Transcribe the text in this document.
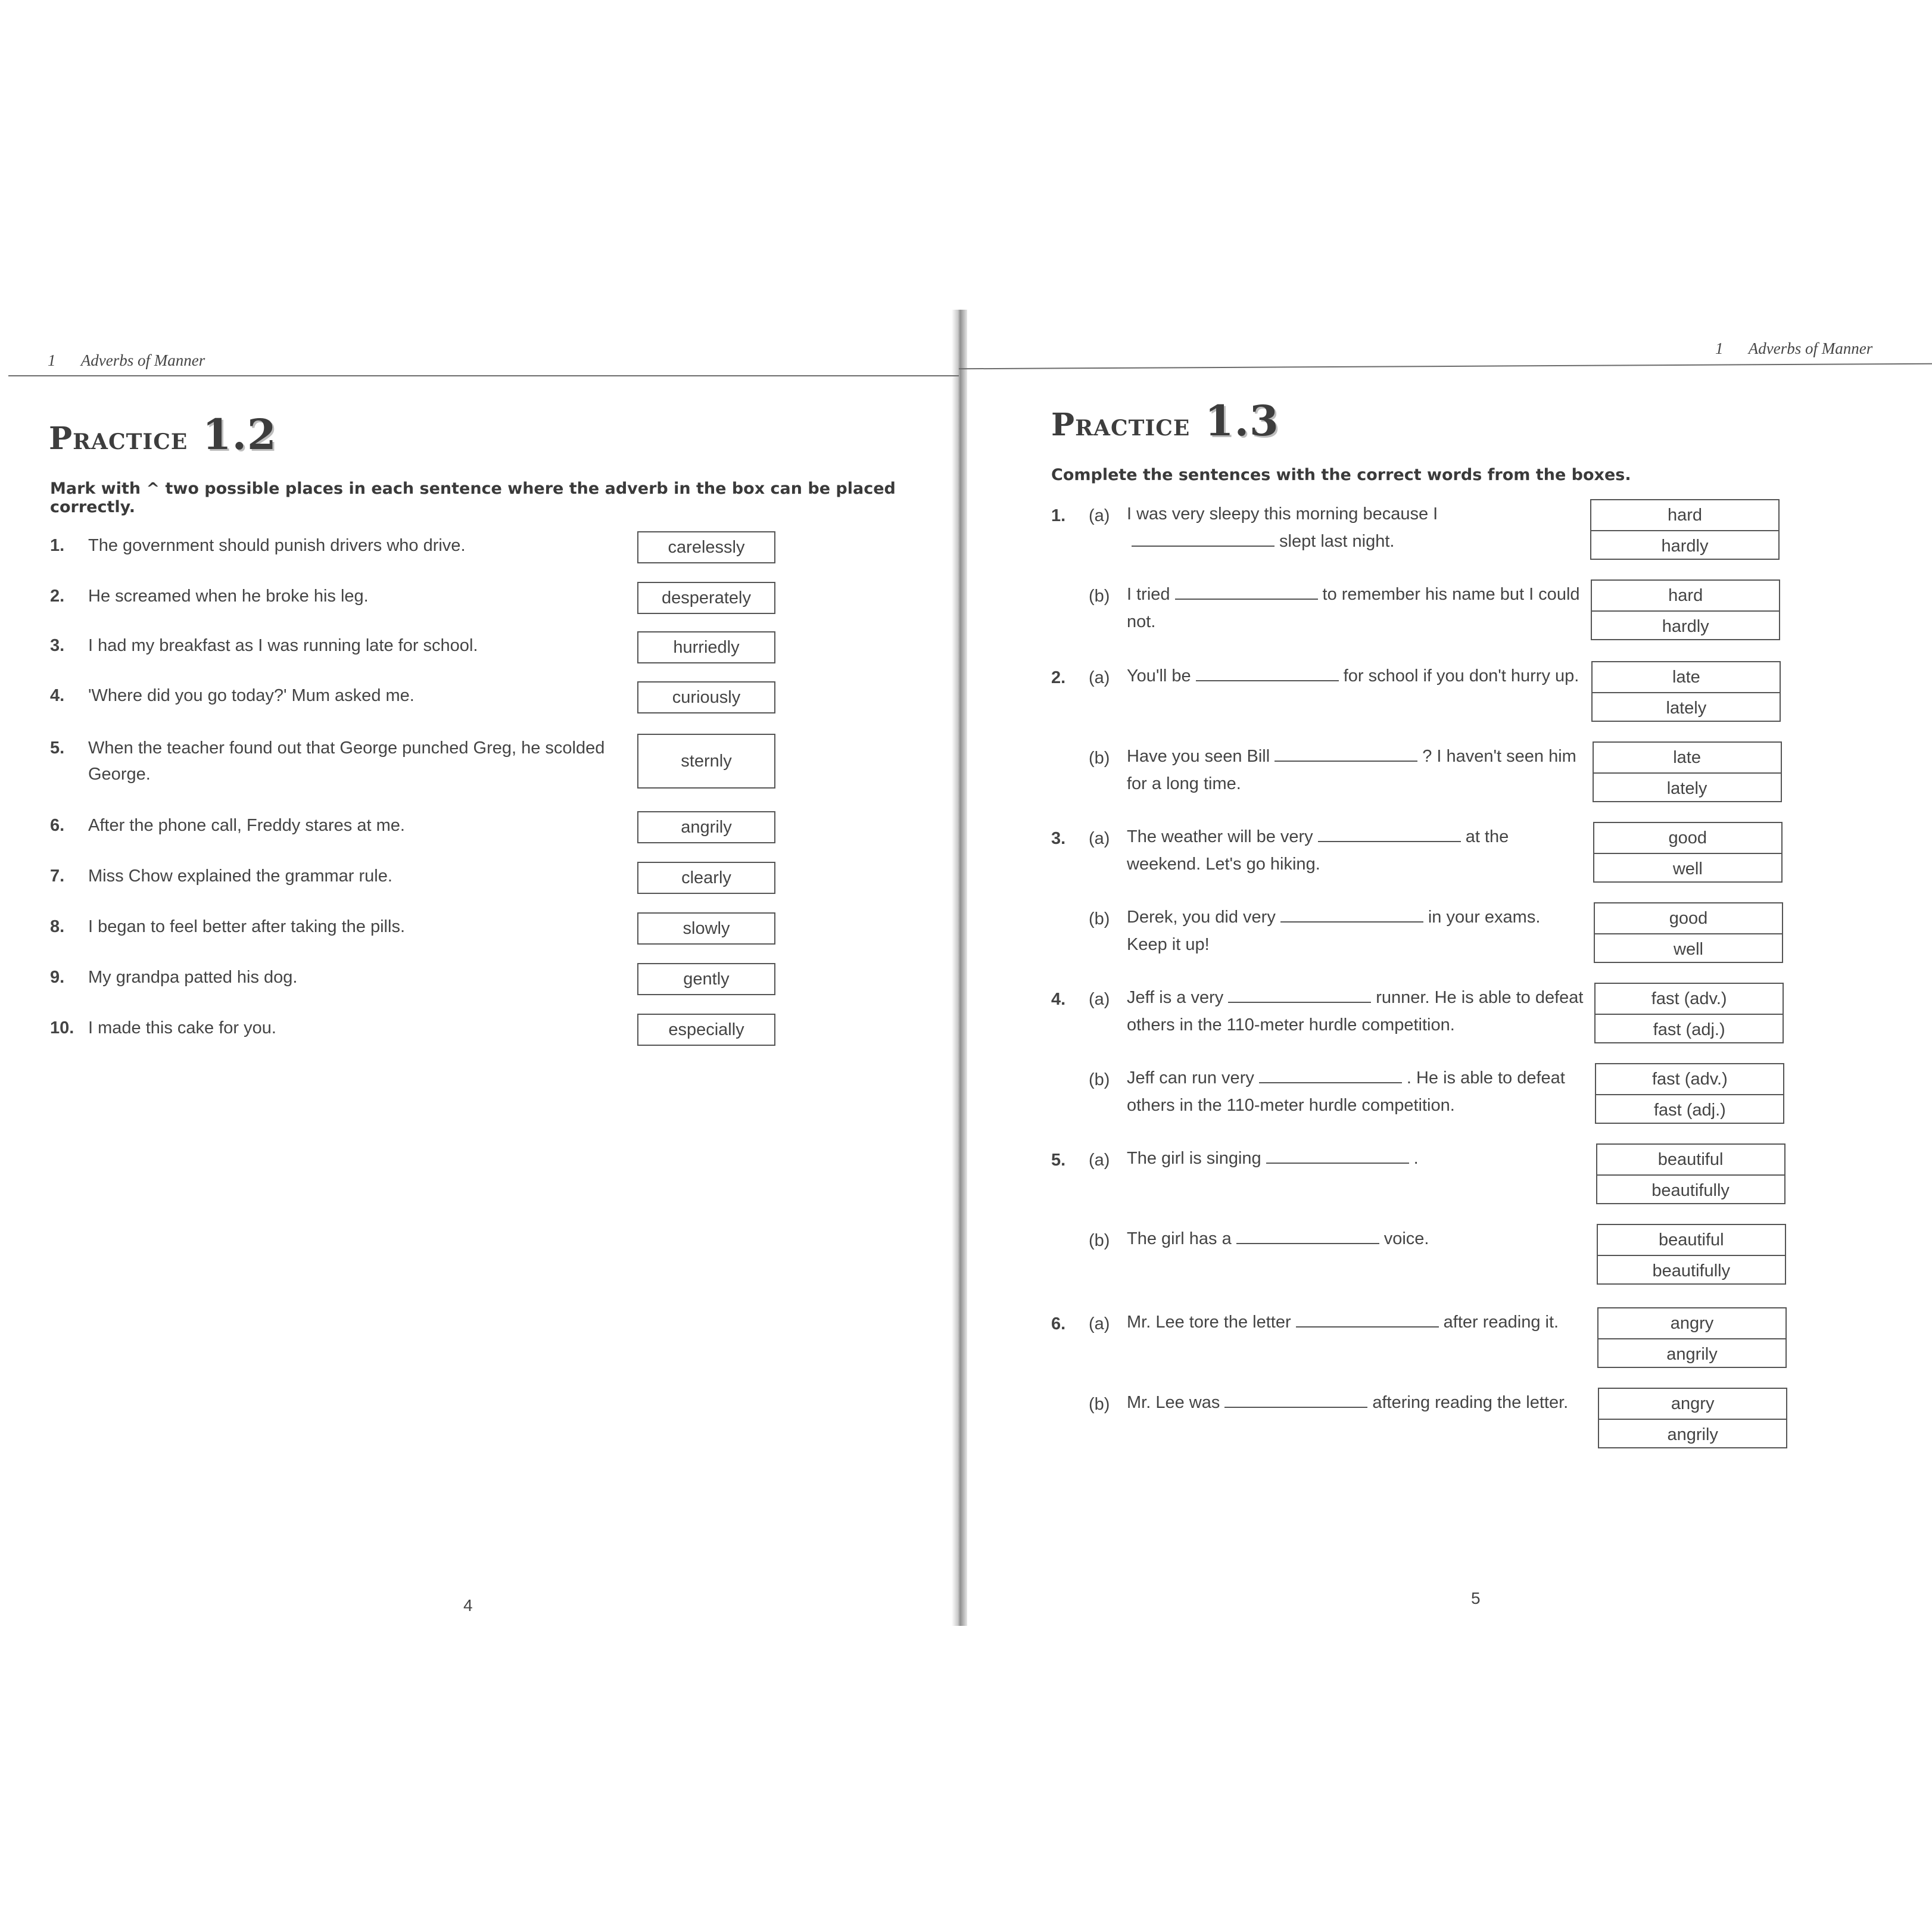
1 Adverbs of Manner
Practice 1.2
Mark with ^ two possible places in each sentence where the adverb in the box can be placed correctly.
1. The government should punish drivers who drive.	carelessly
2. He screamed when he broke his leg.	desperately
3. I had my breakfast as I was running late for school.	hurriedly
4. 'Where did you go today?' Mum asked me.	curiously
5. When the teacher found out that George punched Greg, he scolded George.
sternly
6. After the phone call, Freddy stares at me.	angrily
7. Miss Chow explained the grammar rule.	clearly
8. I began to feel better after taking the pills.	slowly
9. My grandpa patted his dog.	gently
10. I made this cake for you.	especially
4
1 Adverbs of Manner
Practice 1.3
Complete the sentences with the correct words from the boxes.
1. (a) I was very sleepy this morning because Islept last night.
hard
hardly
(b) I tried	to remember his name but I could not.
hard
hardly
2. (a) You'll be	for school if you don't hurry up.	late
lately
(b) Have you seen Bill	? I haven't seen him for a long time.
late
lately
3. (a) The weather will be very	at the weekend. Let's go hiking.
good
well
(b) Derek, you did very	in your exams. Keep it up!
good
well
4. (a) Jeff is a very	runner. He is able to defeat others in the 110-meter hurdle competition.
fast (adv.)
fast (adj.)
(b) Jeff can run very	. He is able to defeat others in the 110-meter hurdle competition.
fast (adv.)
fast (adj.)
5. (a) The girl is singing	.	beautiful
beautifully
(b) The girl has a	voice.	beautiful
beautifully
6. (a) Mr. Lee tore the letter	after reading it.	angry
angrily
(b) Mr. Lee was	aftering reading the letter.	angry
angrily
5
